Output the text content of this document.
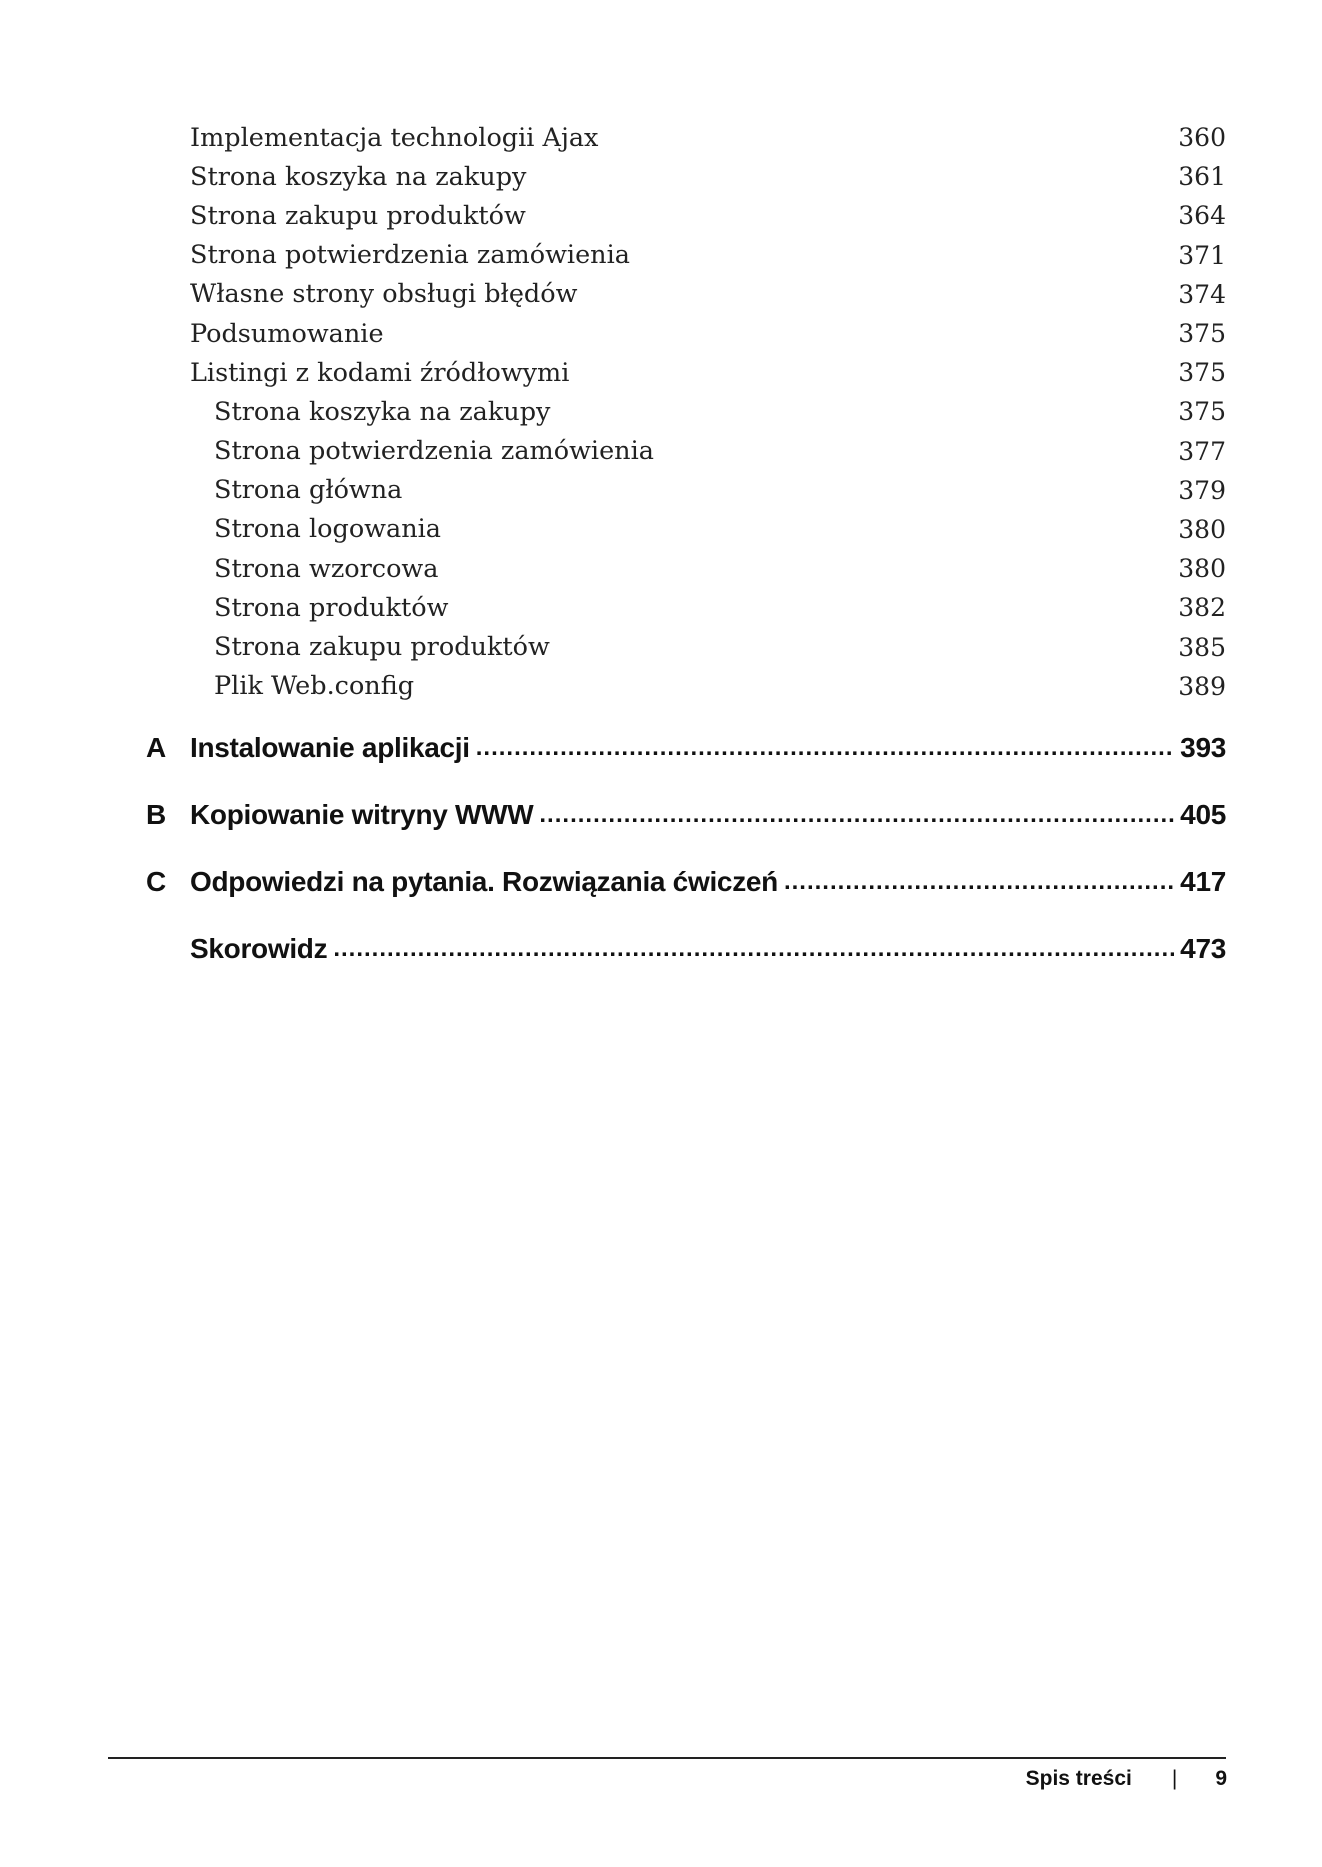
Implementacja technologii Ajax	360
Strona koszyka na zakupy	361
Strona zakupu produktów	364
Strona potwierdzenia zamówienia	371
Własne strony obsługi błędów	374
Podsumowanie	375
Listingi z kodami źródłowymi	375
Strona koszyka na zakupy	375
Strona potwierdzenia zamówienia	377
Strona główna	379
Strona logowania	380
Strona wzorcowa	380
Strona produktów	382
Strona zakupu produktów	385
Plik Web.config	389
A Instalowanie aplikacji .....	393
B Kopiowanie witryny WWW .....	405
C Odpowiedzi na pytania. Rozwiązania ćwiczeń .....	417
Skorowidz .....	473
Spis treści | 9
